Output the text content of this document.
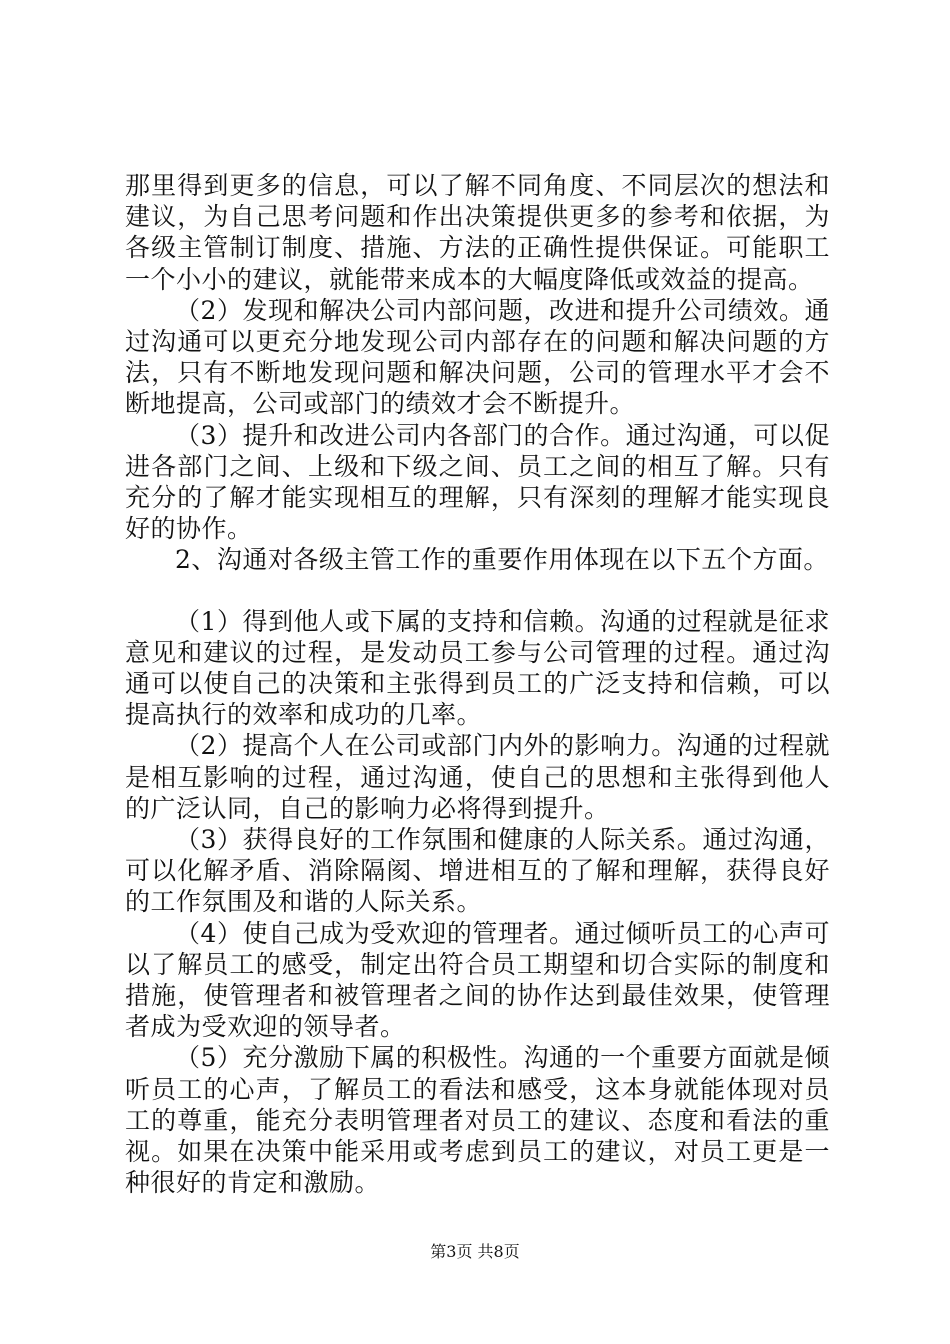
那里得到更多的信息，可以了解不同角度、不同层次的想法和建议，为自己思考问题和作出决策提供更多的参考和依据，为各级主管制订制度、措施、方法的正确性提供保证。可能职工一个小小的建议，就能带来成本的大幅度降低或效益的提高。

（2）发现和解决公司内部问题，改进和提升公司绩效。通过沟通可以更充分地发现公司内部存在的问题和解决问题的方法，只有不断地发现问题和解决问题，公司的管理水平才会不断地提高，公司或部门的绩效才会不断提升。

（3）提升和改进公司内各部门的合作。通过沟通，可以促进各部门之间、上级和下级之间、员工之间的相互了解。只有充分的了解才能实现相互的理解，只有深刻的理解才能实现良好的协作。

2、沟通对各级主管工作的重要作用体现在以下五个方面。

（1）得到他人或下属的支持和信赖。沟通的过程就是征求意见和建议的过程，是发动员工参与公司管理的过程。通过沟通可以使自己的决策和主张得到员工的广泛支持和信赖，可以提高执行的效率和成功的几率。

（2）提高个人在公司或部门内外的影响力。沟通的过程就是相互影响的过程，通过沟通，使自己的思想和主张得到他人的广泛认同，自己的影响力必将得到提升。

（3）获得良好的工作氛围和健康的人际关系。通过沟通，可以化解矛盾、消除隔阂、增进相互的了解和理解，获得良好的工作氛围及和谐的人际关系。

（4）使自己成为受欢迎的管理者。通过倾听员工的心声可以了解员工的感受，制定出符合员工期望和切合实际的制度和措施，使管理者和被管理者之间的协作达到最佳效果，使管理者成为受欢迎的领导者。

（5）充分激励下属的积极性。沟通的一个重要方面就是倾听员工的心声，了解员工的看法和感受，这本身就能体现对员工的尊重，能充分表明管理者对员工的建议、态度和看法的重视。如果在决策中能采用或考虑到员工的建议，对员工更是一种很好的肯定和激励。

第3页 共8页
